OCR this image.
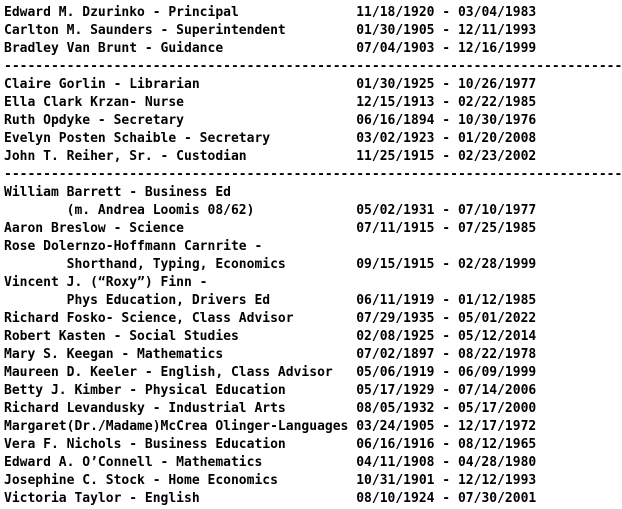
Edward M. Dzurinko - Principal	11/18/1920 - 03/04/1983
Carlton M. Saunders - Superintendent	01/30/1905 - 12/11/1993
Bradley Van Brunt - Guidance	07/04/1903 - 12/16/1999
-------------------------------------------------------------------------------
Claire Gorlin - Librarian	01/30/1925 - 10/26/1977
Ella Clark Krzan- Nurse	12/15/1913 - 02/22/1985
Ruth Opdyke - Secretary	06/16/1894 - 10/30/1976
Evelyn Posten Schaible - Secretary	03/02/1923 - 01/20/2008
John T. Reiher, Sr. - Custodian	11/25/1915 - 02/23/2002
-------------------------------------------------------------------------------
William Barrett - Business Ed
(m. Andrea Loomis 08/62)	05/02/1931 - 07/10/1977
Aaron Breslow - Science	07/11/1915 - 07/25/1985
Rose Dolernzo-Hoffmann Carnrite -
Shorthand, Typing, Economics	09/15/1915 - 02/28/1999
Vincent J. (“Roxy”) Finn -
Phys Education, Drivers Ed	06/11/1919 - 01/12/1985
Richard Fosko- Science, Class Advisor	07/29/1935 - 05/01/2022
Robert Kasten - Social Studies	02/08/1925 - 05/12/2014
Mary S. Keegan - Mathematics	07/02/1897 - 08/22/1978
Maureen D. Keeler - English, Class Advisor 05/06/1919 - 06/09/1999
Betty J. Kimber - Physical Education	05/17/1929 - 07/14/2006
Richard Levandusky - Industrial Arts	08/05/1932 - 05/17/2000
Margaret(Dr./Madame)McCrea Olinger-Languages 03/24/1905 - 12/17/1972
Vera F. Nichols - Business Education	06/16/1916 - 08/12/1965
Edward A. O’Connell - Mathematics	04/11/1908 - 04/28/1980
Josephine C. Stock - Home Economics	10/31/1901 - 12/12/1993
Victoria Taylor - English	08/10/1924 - 07/30/2001
